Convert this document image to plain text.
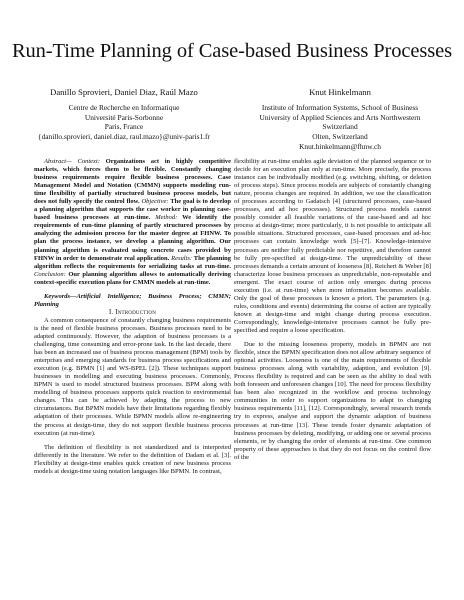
Run-Time Planning of Case-based Business Processes
Danillo Sprovieri, Daniel Diaz, Raúl Mazo
Centre de Recherche en Informatique
Université Paris-Sorbonne
Paris, France
{danillo.sprovieri, daniel.diaz, raul.mazo}@univ-paris1.fr
Knut Hinkelmann
Institute of Information Systems, School of Business
University of Applied Sciences and Arts Northwestern
Switzerland
Olten, Switzerland
Knut.hinkelmann@fhnw.ch

Abstract— Context: Organizations act in highly competitive markets, which forces them to be flexible. Constantly changing business requirements require flexible business processes. Case Management Model and Notation (CMMN) supports modeling run-time flexibility of partially structured business process models, but does not fully specify the control flow. Objective: The goal is to develop a planning algorithm that supports the case worker in planning case-based business processes at run-time. Method: We identify the requirements of run-time planning of partly structured processes by analyzing the admission process for the master degree at FHNW. To plan the process instance, we develop a planning algorithm. Our planning algorithm is evaluated using concrete cases provided by FHNW in order to demonstrate real application. Results: The planning algorithm reflects the requirements for serializing tasks at run-time. Conclusion: Our planning algorithm allows to automatically deriving context-specific execution plans for CMMN models at run-time.

Keywords—Artificial Intelligence; Business Process; CMMN; Planning

I. Introduction

A common consequence of constantly changing business requirements is the need of flexible business processes. Business processes need to be adapted continuously. However, the adaption of business processes is a challenging, time consuming and error-prone task. In the last decade, there has been an increased use of business process management (BPM) tools by enterprises and emerging standards for business process specifications and execution (e.g. BPMN [1] and WS-BPEL [2]). These techniques support businesses in modelling and executing business processes. Commonly, BPMN is used to model structured business processes. BPM along with modelling of business processes supports quick reaction to environmental changes. This can be achieved by adapting the process to new circumstances. But BPMN models have their limitations regarding flexibly adaptation of their processes. While BPMN models allow re-engineering the process at design-time, they do not support flexible business process execution (at run-time).

The definition of flexibility is not standardized and is interpreted differently in the literature. We refer to the definition of Dadam et al. [3]. Flexibility at design-time enables quick creation of new business process models at design-time using notation languages like BPMN. In contrast,

flexibility at run-time enables agile deviation of the planned sequence or to decide for an execution plan only at run-time. More precisely, the process instance can be individually modified (e.g. switching, shifting, or deletion of process steps). Since process models are subjects of constantly changing nature, process changes are required. In addition, we use the classification of processes according to Gadatsch [4] (structured processes, case-based processes, and ad hoc processes). Structured process models cannot possibly consider all feasible variations of the case-based and ad hoc process at design-time; more particularly, it is not possible to anticipate all possible situations. Structured processes, case-based processes and ad-hoc processes can contain knowledge work [5]–[7]. Knowledge-intensive processes are neither fully predictable nor repetitive, and therefore cannot be fully pre-specified at design-time. The unpredictability of these processes demands a certain amount of looseness [8]. Reichert & Weber [8] characterize loose business processes as unpredictable, non-repeatable and emergent. The exact course of action only emerges during process execution (i.e. at run-time) when more information becomes available. Only the goal of these processes is known a priori. The parameters (e.g. rules, conditions and events) determining the course of action are typically known at design-time and might change during process execution. Correspondingly, knowledge-intensive processes cannot be fully pre-specified and require a loose specification.

Due to the missing looseness property, models in BPMN are not flexible, since the BPMN specification does not allow arbitrary sequence of optional activities. Looseness is one of the main requirements of flexible business processes along with variability, adaption, and evolution [9]. Process flexibility is required and can be seen as the ability to deal with both foreseen and unforeseen changes [10]. The need for process flexibility has been also recognized in the workflow and process technology communities in order to support organizations to adapt to changing business requirements [11], [12]. Correspondingly, several research trends try to express, analyse and support the dynamic adaption of business processes at run-time [13]. These trends foster dynamic adaptation of business processes by deleting, modifying, or adding one or several process elements, or by changing the order of elements at run-time. One common property of these approaches is that they do not focus on the control flow of the
